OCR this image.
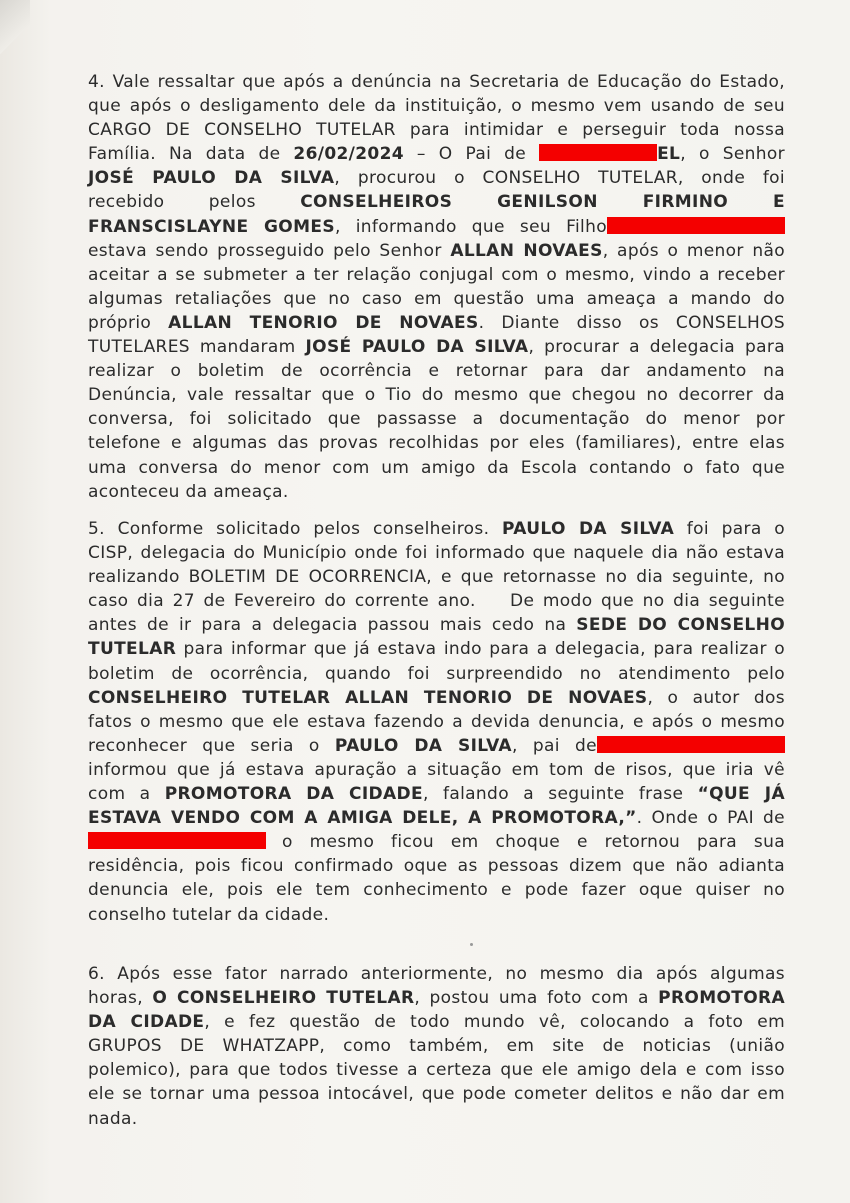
4. Vale ressaltar que após a denúncia na Secretaria de Educação do Estado,
que após o desligamento dele da instituição, o mesmo vem usando de seu
CARGO DE CONSELHO TUTELAR para intimidar e perseguir toda nossa
Família. Na data de 26/02/2024 – O Pai de	EL, o Senhor
JOSÉ PAULO DA SILVA, procurou o CONSELHO TUTELAR, onde foi
recebido pelos CONSELHEIROS GENILSON FIRMINO E
FRANSCISLAYNE GOMES, informando que seu Filho
estava sendo prosseguido pelo Senhor ALLAN NOVAES, após o menor não
aceitar a se submeter a ter relação conjugal com o mesmo, vindo a receber
algumas retaliações que no caso em questão uma ameaça a mando do
próprio ALLAN TENORIO DE NOVAES. Diante disso os CONSELHOS
TUTELARES mandaram JOSÉ PAULO DA SILVA, procurar a delegacia para
realizar o boletim de ocorrência e retornar para dar andamento na
Denúncia, vale ressaltar que o Tio do mesmo que chegou no decorrer da
conversa, foi solicitado que passasse a documentação do menor por
telefone e algumas das provas recolhidas por eles (familiares), entre elas
uma conversa do menor com um amigo da Escola contando o fato que
aconteceu da ameaça.
5. Conforme solicitado pelos conselheiros. PAULO DA SILVA foi para o
CISP, delegacia do Município onde foi informado que naquele dia não estava
realizando BOLETIM DE OCORRENCIA, e que retornasse no dia seguinte, no
caso dia 27 de Fevereiro do corrente ano.    De modo que no dia seguinte
antes de ir para a delegacia passou mais cedo na SEDE DO CONSELHO
TUTELAR para informar que já estava indo para a delegacia, para realizar o
boletim de ocorrência, quando foi surpreendido no atendimento pelo
CONSELHEIRO TUTELAR ALLAN TENORIO DE NOVAES, o autor dos
fatos o mesmo que ele estava fazendo a devida denuncia, e após o mesmo
reconhecer que seria o PAULO DA SILVA, pai de
informou que já estava apuração a situação em tom de risos, que iria vê
com a PROMOTORA DA CIDADE, falando a seguinte frase “QUE JÁ
ESTAVA VENDO COM A AMIGA DELE, A PROMOTORA,”. Onde o PAI de
o mesmo ficou em choque e retornou para sua
residência, pois ficou confirmado oque as pessoas dizem que não adianta
denuncia ele, pois ele tem conhecimento e pode fazer oque quiser no
conselho tutelar da cidade.
6. Após esse fator narrado anteriormente, no mesmo dia após algumas
horas, O CONSELHEIRO TUTELAR, postou uma foto com a PROMOTORA
DA CIDADE, e fez questão de todo mundo vê, colocando a foto em
GRUPOS DE WHATZAPP, como também, em site de noticias (união
polemico), para que todos tivesse a certeza que ele amigo dela e com isso
ele se tornar uma pessoa intocável, que pode cometer delitos e não dar em
nada.
